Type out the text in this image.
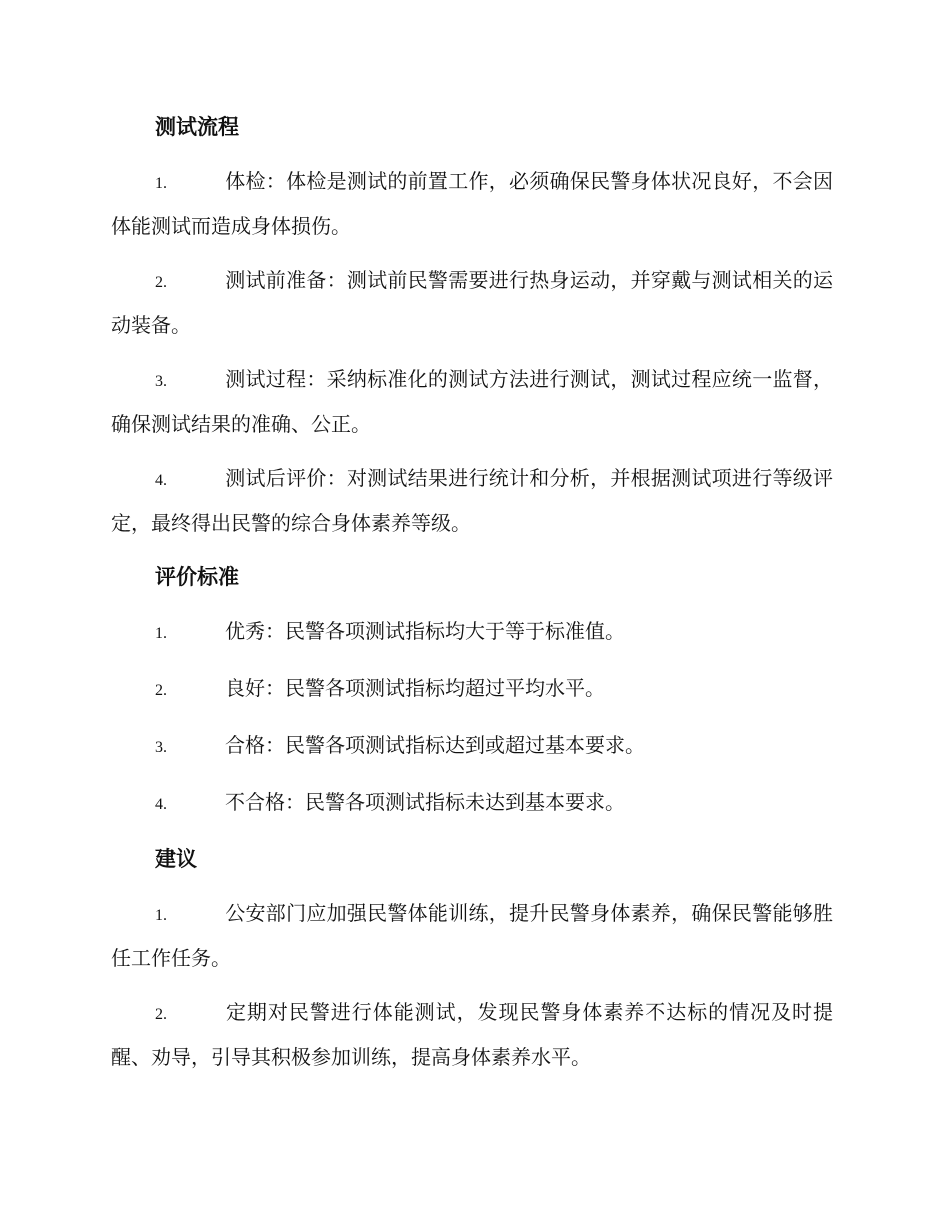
测试流程

1.	体检：体检是测试的前置工作，必须确保民警身体状况良好，不会因体能测试而造成身体损伤。

2.	测试前准备：测试前民警需要进行热身运动，并穿戴与测试相关的运动装备。

3.	测试过程：采纳标准化的测试方法进行测试，测试过程应统一监督，确保测试结果的准确、公正。

4.	测试后评价：对测试结果进行统计和分析，并根据测试项进行等级评定，最终得出民警的综合身体素养等级。

评价标准

1.	优秀：民警各项测试指标均大于等于标准值。

2.	良好：民警各项测试指标均超过平均水平。

3.	合格：民警各项测试指标达到或超过基本要求。

4.	不合格：民警各项测试指标未达到基本要求。

建议

1.	公安部门应加强民警体能训练，提升民警身体素养，确保民警能够胜任工作任务。

2.	定期对民警进行体能测试，发现民警身体素养不达标的情况及时提醒、劝导，引导其积极参加训练，提高身体素养水平。
